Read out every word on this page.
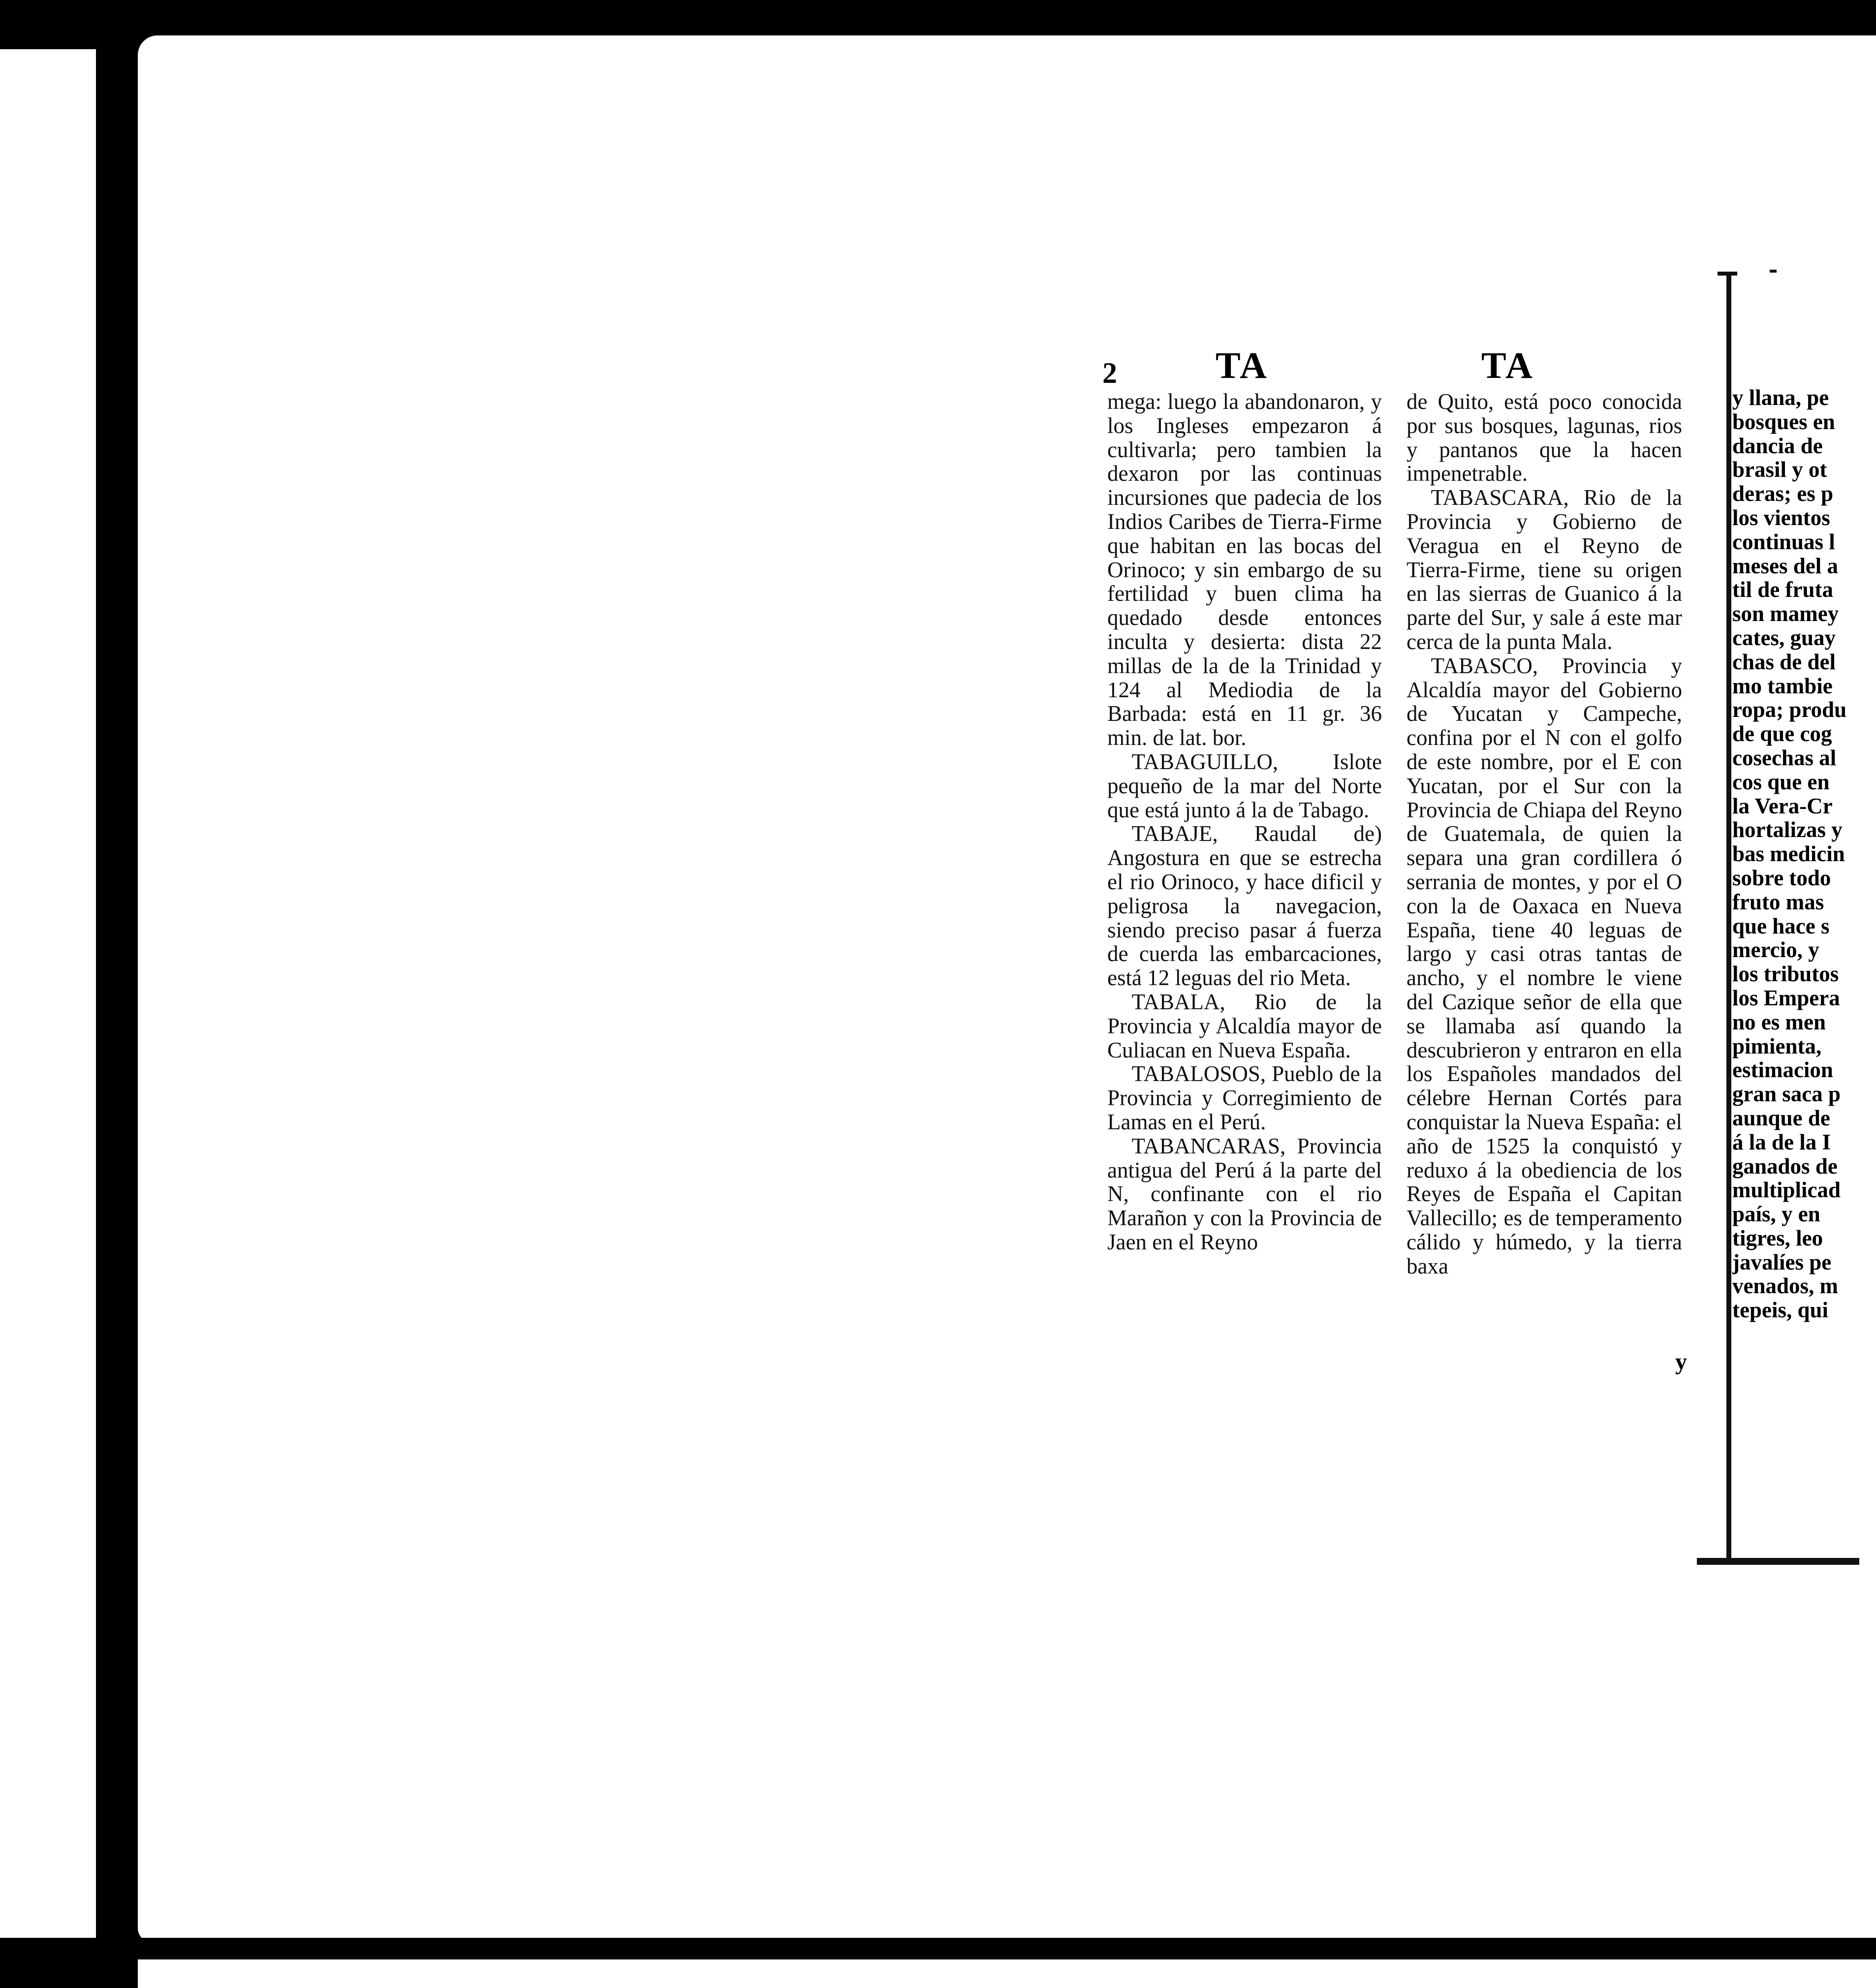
2	TA	TA

mega: luego la abandonaron, y los Ingleses empezaron á cultivarla; pero tambien la dexaron por las continuas incursiones que padecia de los Indios Caribes de Tierra-Firme que habitan en las bocas del Orinoco; y sin embargo de su fertilidad y buen clima ha quedado desde entonces inculta y desierta: dista 22 millas de la de la Trinidad y 124 al Mediodia de la Barbada: está en 11 gr. 36 min. de lat. bor.

TABAGUILLO, Islote pequeño de la mar del Norte que está junto á la de Tabago.

TABAJE, Raudal de) Angostura en que se estrecha el rio Orinoco, y hace dificil y peligrosa la navegacion, siendo preciso pasar á fuerza de cuerda las embarcaciones, está 12 leguas del rio Meta.

TABALA, Rio de la Provincia y Alcaldía mayor de Culiacan en Nueva España.

TABALOSOS, Pueblo de la Provincia y Corregimiento de Lamas en el Perú.

TABANCARAS, Provincia antigua del Perú á la parte del N, confinante con el rio Marañon y con la Provincia de Jaen en el Reyno

de Quito, está poco conocida por sus bosques, lagunas, rios y pantanos que la hacen impenetrable.

TABASCARA, Rio de la Provincia y Gobierno de Veragua en el Reyno de Tierra-Firme, tiene su origen en las sierras de Guanico á la parte del Sur, y sale á este mar cerca de la punta Mala.

TABASCO, Provincia y Alcaldía mayor del Gobierno de Yucatan y Campeche, confina por el N con el golfo de este nombre, por el E con Yucatan, por el Sur con la Provincia de Chiapa del Reyno de Guatemala, de quien la separa una gran cordillera ó serrania de montes, y por el O con la de Oaxaca en Nueva España, tiene 40 leguas de largo y casi otras tantas de ancho, y el nombre le viene del Cazique señor de ella que se llamaba así quando la descubrieron y entraron en ella los Españoles mandados del célebre Hernan Cortés para conquistar la Nueva España: el año de 1525 la conquistó y reduxo á la obediencia de los Reyes de España el Capitan Vallecillo; es de temperamento cálido y húmedo, y la tierra baxa

y
y llana, pe
bosques en
dancia de
brasil y ot
deras; es p
los vientos
continuas l
meses del a
til de fruta
son mamey
cates, guay
chas de del
mo tambie
ropa; produ
de que cog
cosechas al
cos que en
la Vera-Cr
hortalizas y
bas medicin
sobre todo
fruto mas
que hace s
mercio, y
los tributos
los Empera
no es men
pimienta,
estimacion
gran saca p
aunque de
á la de la I
ganados de
multiplicad
país, y en
tigres, leo
javalíes pe
venados, m
tepeis, qui
